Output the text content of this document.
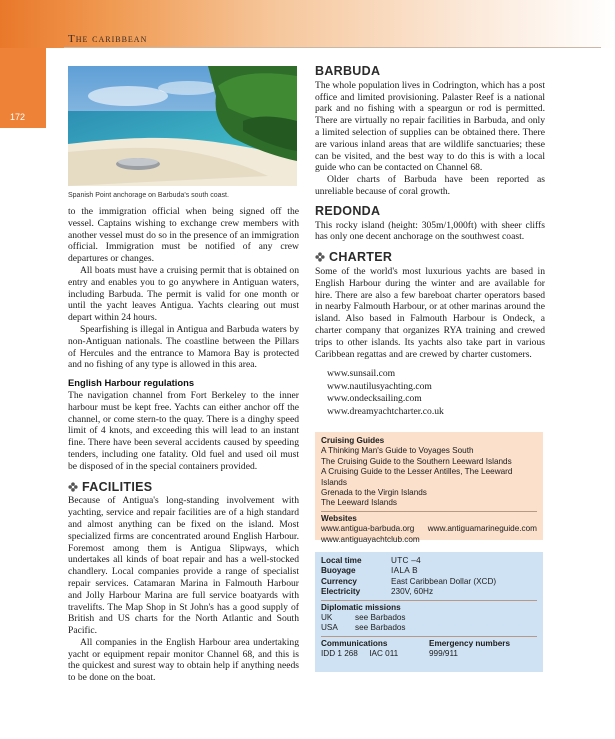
The caribbean
172
Spanish Point anchorage on Barbuda's south coast.

to the immigration official when being signed off the vessel. Captains wishing to exchange crew members with another vessel must do so in the presence of an immigration official. Immigration must be notified of any crew departures or changes.

All boats must have a cruising permit that is obtained on entry and enables you to go anywhere in Antiguan waters, including Barbuda. The permit is valid for one month or until the yacht leaves Antigua. Yachts clearing out must depart within 24 hours.

Spearfishing is illegal in Antigua and Barbuda waters by non-Antiguan nationals. The coastline between the Pillars of Hercules and the entrance to Mamora Bay is protected and no fishing of any type is allowed in this area.

English Harbour regulations

The navigation channel from Fort Berkeley to the inner harbour must be kept free. Yachts can either anchor off the channel, or come stern-to the quay. There is a dinghy speed limit of 4 knots, and exceeding this will lead to an instant fine. There have been several accidents caused by speeding tenders, including one fatality. Old fuel and used oil must be disposed of in the special containers provided.

FACILITIES

Because of Antigua's long-standing involvement with yachting, service and repair facilities are of a high standard and almost anything can be fixed on the island. Most specialized firms are concentrated around English Harbour. Foremost among them is Antigua Slipways, which undertakes all kinds of boat repair and has a well-stocked chandlery. Local companies provide a range of specialist repair services. Catamaran Marina in Falmouth Harbour and Jolly Harbour Marina are full service boatyards with travelifts. The Map Shop in St John's has a good supply of British and US charts for the North Atlantic and South Pacific.

All companies in the English Harbour area undertaking yacht or equipment repair monitor Channel 68, and this is the quickest and surest way to obtain help if anything needs to be done on the boat.

BARBUDA

The whole population lives in Codrington, which has a post office and limited provisioning. Palaster Reef is a national park and no fishing with a speargun or rod is permitted. There are virtually no repair facilities in Barbuda, and only a limited selection of supplies can be obtained there. There are various inland areas that are wildlife sanctuaries; these can be visited, and the best way to do this is with a local guide who can be contacted on Channel 68.

Older charts of Barbuda have been reported as unreliable because of coral growth.

REDONDA

This rocky island (height: 305m/1,000ft) with sheer cliffs has only one decent anchorage on the southwest coast.

CHARTER

Some of the world's most luxurious yachts are based in English Harbour during the winter and are available for hire. There are also a few bareboat charter operators based in nearby Falmouth Harbour, or at other marinas around the island. Also based in Falmouth Harbour is Ondeck, a charter company that organizes RYA training and crewed trips to other islands. Its yachts also take part in various Caribbean regattas and are crewed by charter customers.

www.sunsail.com
www.nautilusyachting.com
www.ondecksailing.com
www.dreamyachtcharter.co.uk
Cruising Guides
A Thinking Man's Guide to Voyages South
The Cruising Guide to the Southern Leeward Islands
A Cruising Guide to the Lesser Antilles, The Leeward Islands
Grenada to the Virgin Islands
The Leeward Islands
Websites
www.antigua-barbuda.org	www.antiguamarineguide.com
www.antiguayachtclub.com
Local time	UTC –4
Buoyage	IALA B
Currency	East Caribbean Dollar (XCD)
Electricity	230V, 60Hz
Diplomatic missions
UK	see Barbados
USA	see Barbados
Communications
IDD 1 268     IAC 011
Emergency numbers
999/911
